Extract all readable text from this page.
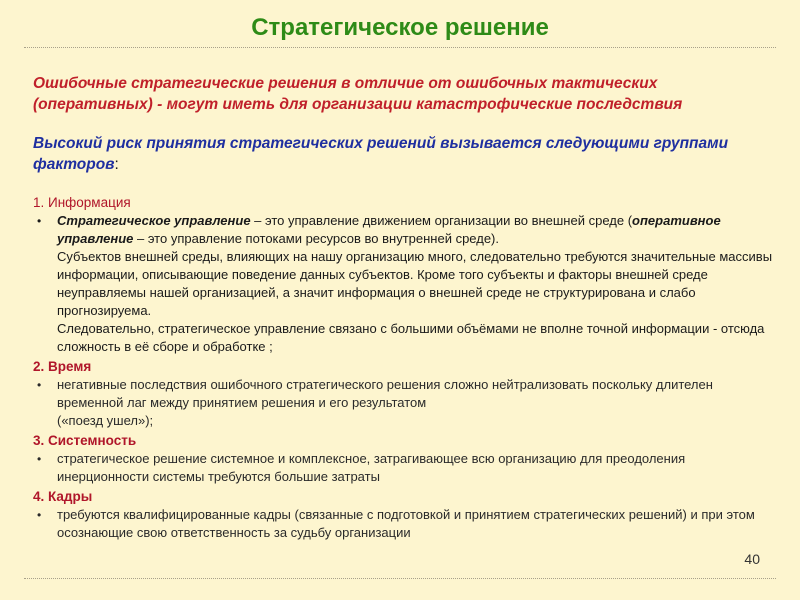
Стратегическое решение
Ошибочные стратегические решения в отличие от ошибочных тактических (оперативных) ‑ могут иметь для организации катастрофические последствия
Высокий риск принятия стратегических решений вызывается следующими группами факторов:
1. Информация
• Стратегическое управление – это управление движением организации во внешней среде (оперативное управление – это управление потоками ресурсов во внутренней среде).
Субъектов внешней среды, влияющих на нашу организацию много, следовательно требуются значительные массивы информации, описывающие поведение данных субъектов. Кроме того субъекты и факторы внешней среде неуправляемы нашей организацией, а значит информация о внешней среде не структурирована и слабо прогнозируема.
Следовательно, стратегическое управление связано с большими объёмами не вполне точной информации ‑ отсюда сложность в её сборе и обработке ;
2. Время
• негативные последствия ошибочного стратегического решения сложно нейтрализовать поскольку длителен временной лаг между принятием решения и его результатом
(«поезд ушел»);
3. Системность
• стратегическое решение системное и комплексное, затрагивающее всю организацию для преодоления инерционности системы требуются большие затраты
4. Кадры
• требуются квалифицированные кадры (связанные с подготовкой и принятием стратегических решений) и при этом осознающие свою ответственность за судьбу организации
40
